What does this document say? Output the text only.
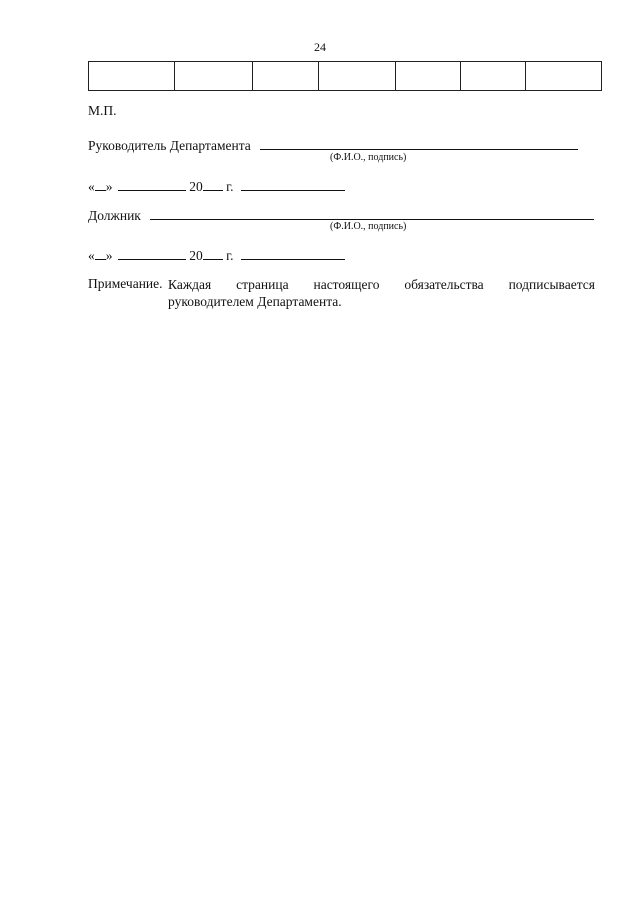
24

М.П.
Руководитель Департамента
(Ф.И.О., подпись)
« »	20 г.
Должник
(Ф.И.О., подпись)
« »	20 г.
Примечание. Каждая страница настоящего обязательства подписывается руководителем Департамента.
